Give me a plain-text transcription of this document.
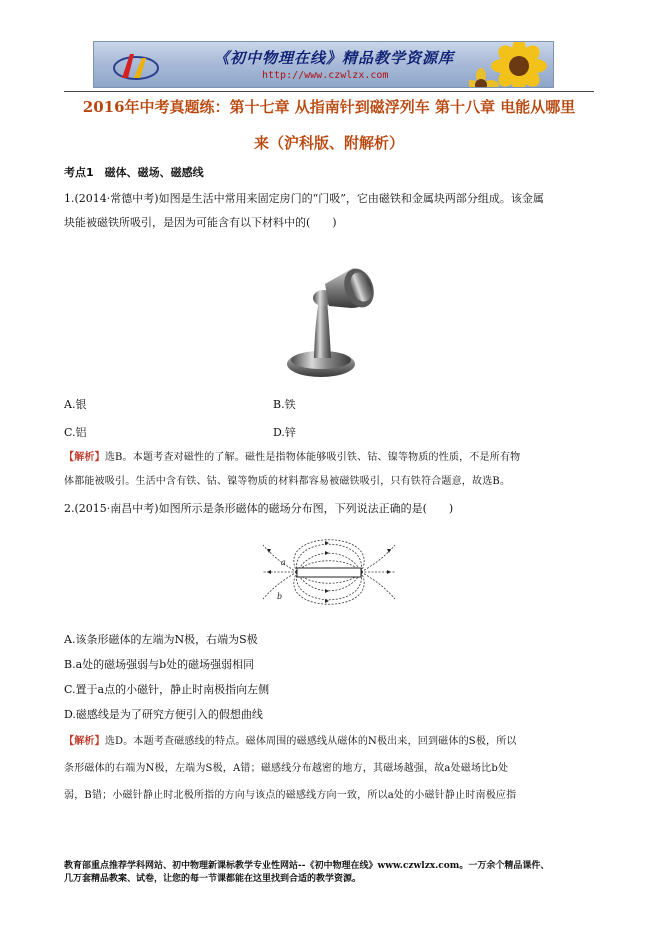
《初中物理在线》精品教学资源库
http://www.czwlzx.com
2016年中考真题练：第十七章 从指南针到磁浮列车 第十八章 电能从哪里
来（沪科版、附解析）
考点1　磁体、磁场、磁感线
1.(2014·常德中考)如图是生活中常用来固定房门的“门吸”，它由磁铁和金属块两部分组成。该金属
块能被磁铁所吸引，是因为可能含有以下材料中的(　　)
A.银	B.铁
C.铝	D.锌
【解析】选B。本题考查对磁性的了解。磁性是指物体能够吸引铁、钴、镍等物质的性质，不是所有物
体都能被吸引。生活中含有铁、钴、镍等物质的材料都容易被磁铁吸引，只有铁符合题意，故选B。
2.(2015·南昌中考)如图所示是条形磁体的磁场分布图，下列说法正确的是(　　)
a
b
A.该条形磁体的左端为N极，右端为S极
B.a处的磁场强弱与b处的磁场强弱相同
C.置于a点的小磁针，静止时南极指向左侧
D.磁感线是为了研究方便引入的假想曲线
【解析】选D。本题考查磁感线的特点。磁体周围的磁感线从磁体的N极出来，回到磁体的S极，所以
条形磁体的右端为N极，左端为S极，A错；磁感线分布越密的地方，其磁场越强，故a处磁场比b处
弱，B错；小磁针静止时北极所指的方向与该点的磁感线方向一致，所以a处的小磁针静止时南极应指
教育部重点推荐学科网站、初中物理新课标教学专业性网站--《初中物理在线》www.czwlzx.com。一万余个精品课件、
几万套精品教案、试卷，让您的每一节课都能在这里找到合适的教学资源。
